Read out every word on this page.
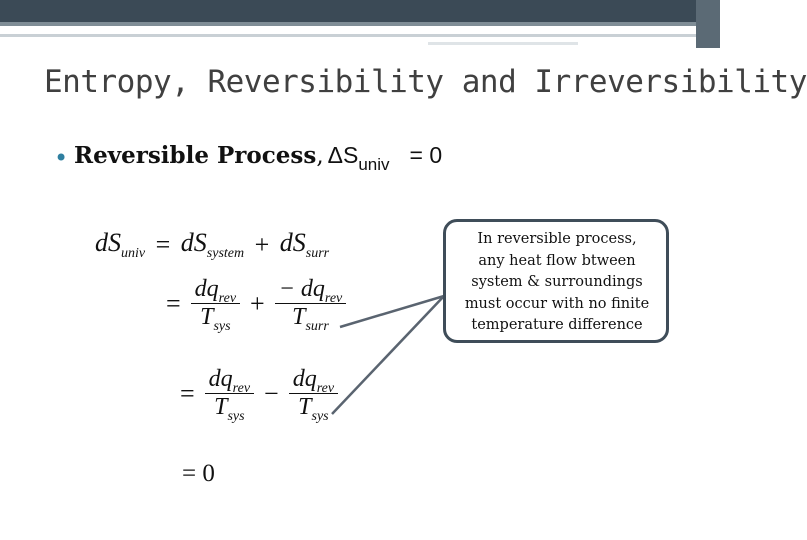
Entropy, Reversibility and Irreversibility
• Reversible Process, ΔSuniv = 0
$dS_{univ} = dS_{system} + dS_{surr}$
= $\frac{dq_{rev}}{T_{sys}} + \frac{- dq_{rev}}{T_{surr}}$
= $\frac{dq_{rev}}{T_{sys}} - \frac{dq_{rev}}{T_{sys}}$
= 0
In reversible process,
any heat flow btween
system & surroundings
must occur with no finite
temperature difference
